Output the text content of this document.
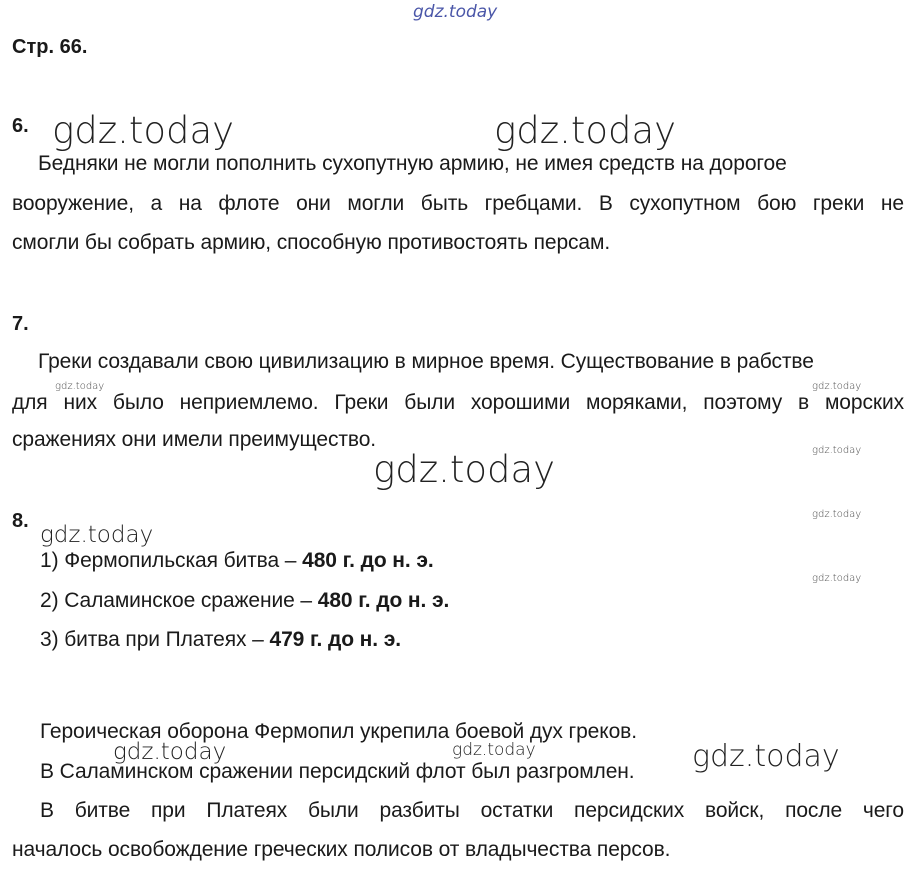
gdz.today
Стр. 66.
6. gdz.today	gdz.today
Бедняки не могли пополнить сухопутную армию, не имея средств на дорогое
вооружение, а на флоте они могли быть гребцами. В сухопутном бою греки не
смогли бы собрать армию, способную противостоять персам.
7.
Греки создавали свою цивилизацию в мирное время. Существование в рабстве
gdz.today	gdz.today
для них было неприемлемо. Греки были хорошими моряками, поэтому в морских
сражениях они имели преимущество.	gdz.today
gdz.today
8.	gdz.today
gdz.today
1) Фермопильская битва – 480 г. до н. э.
gdz.today
2) Саламинское сражение – 480 г. до н. э.
3) битва при Платеях – 479 г. до н. э.
Героическая оборона Фермопил укрепила боевой дух греков.
gdz.today	gdz.today	gdz.today
В Саламинском сражении персидский флот был разгромлен.
В битве при Платеях были разбиты остатки персидских войск, после чего
началось освобождение греческих полисов от владычества персов.
